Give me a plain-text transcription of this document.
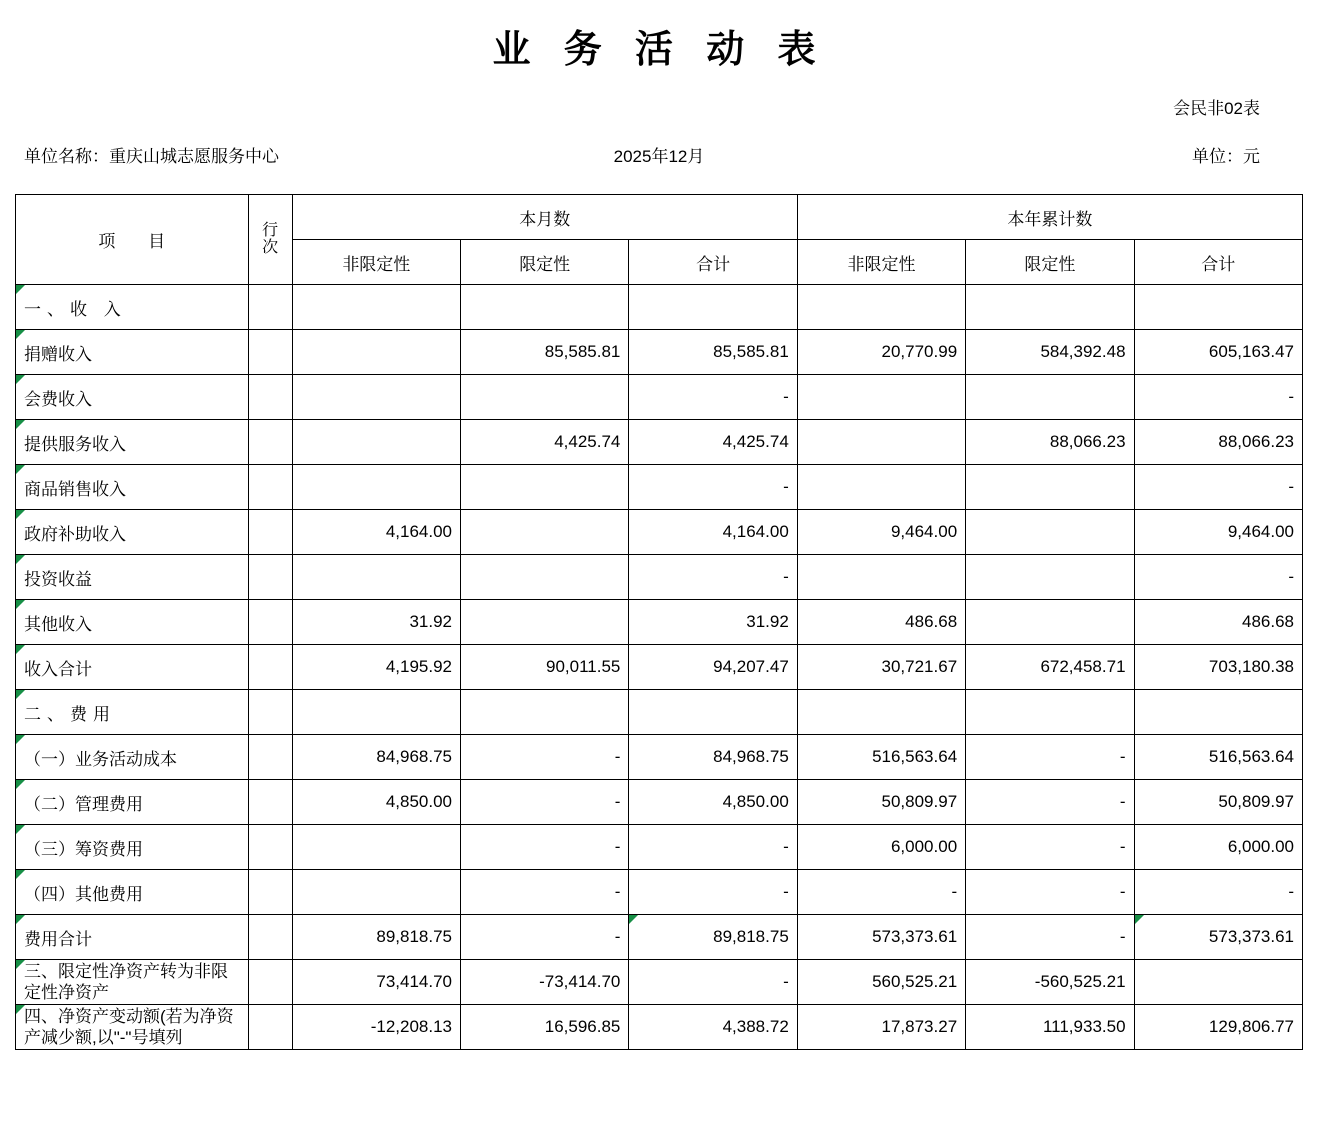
业 务 活 动 表
会民非02表
单位名称：重庆山城志愿服务中心	2025年12月	单位：元
项 目	行
次	本月数			本年累计数		
		非限定性	限定性	合计	非限定性	限定性	合计
一、收 入							
捐赠收入			85,585.81	85,585.81	20,770.99	584,392.48	605,163.47
会费收入				-			-
提供服务收入			4,425.74	4,425.74		88,066.23	88,066.23
商品销售收入				-			-
政府补助收入		4,164.00		4,164.00	9,464.00		9,464.00
投资收益				-			-
其他收入		31.92		31.92	486.68		486.68
收入合计		4,195.92	90,011.55	94,207.47	30,721.67	672,458.71	703,180.38
二、费用							
（一）业务活动成本		84,968.75	-	84,968.75	516,563.64	-	516,563.64
（二）管理费用		4,850.00	-	4,850.00	50,809.97	-	50,809.97
（三）筹资费用			-	-	6,000.00	-	6,000.00
（四）其他费用			-	-	-	-	-
费用合计		89,818.75	-	89,818.75	573,373.61	-	573,373.61
三、限定性净资产转为非限定性净资产		73,414.70	-73,414.70	-	560,525.21	-560,525.21	
四、净资产变动额(若为净资产减少额,以"-"号填列		-12,208.13	16,596.85	4,388.72	17,873.27	111,933.50	129,806.77
